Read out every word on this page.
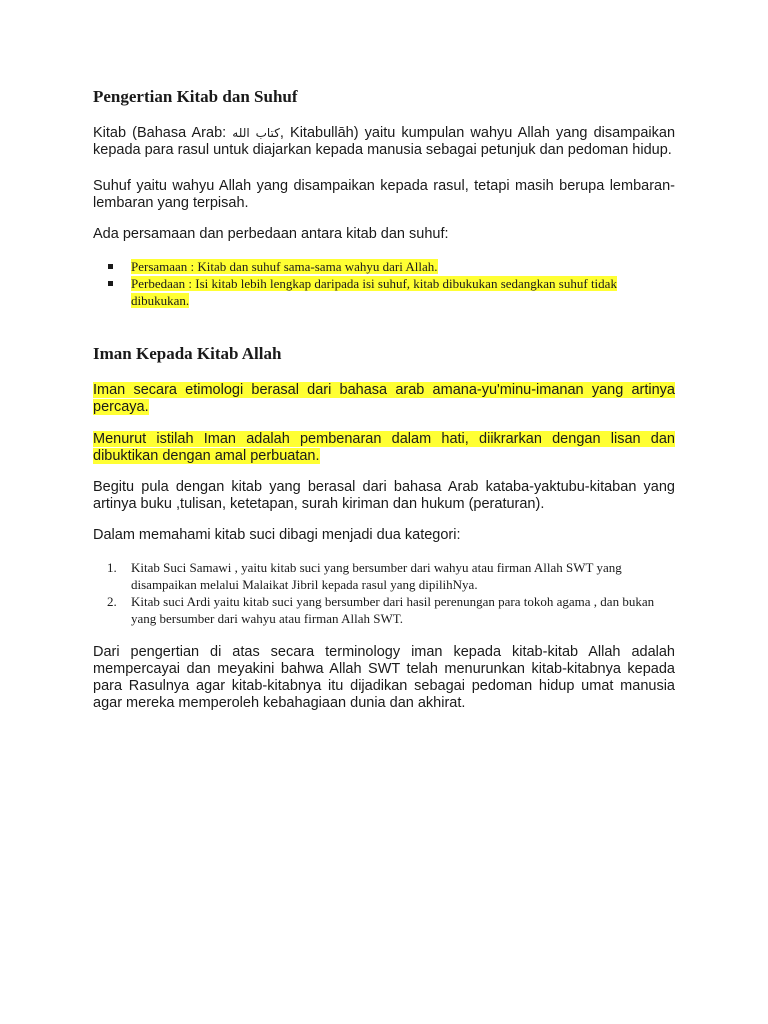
Pengertian Kitab dan Suhuf

Kitab (Bahasa Arab: كتاب الله, Kitabullāh) yaitu kumpulan wahyu Allah yang disampaikan kepada para rasul untuk diajarkan kepada manusia sebagai petunjuk dan pedoman hidup.

Suhuf yaitu wahyu Allah yang disampaikan kepada rasul, tetapi masih berupa lembaran-lembaran yang terpisah.

Ada persamaan dan perbedaan antara kitab dan suhuf:

Persamaan : Kitab dan suhuf sama-sama wahyu dari Allah.
Perbedaan : Isi kitab lebih lengkap daripada isi suhuf, kitab dibukukan sedangkan suhuf tidak dibukukan.
Iman Kepada Kitab Allah

Iman secara etimologi berasal dari bahasa arab amana-yu'minu-imanan yang artinya percaya.

Menurut istilah Iman adalah pembenaran dalam hati, diikrarkan dengan lisan dan dibuktikan dengan amal perbuatan.

Begitu pula dengan kitab yang berasal dari bahasa Arab kataba-yaktubu-kitaban yang artinya buku ,tulisan, ketetapan, surah kiriman dan hukum (peraturan).

Dalam memahami kitab suci dibagi menjadi dua kategori:

1. Kitab Suci Samawi , yaitu kitab suci yang bersumber dari wahyu atau firman Allah SWT yang disampaikan melalui Malaikat Jibril kepada rasul yang dipilihNya.
2. Kitab suci Ardi yaitu kitab suci yang bersumber dari hasil perenungan para tokoh agama , dan bukan yang bersumber dari wahyu atau firman Allah SWT.

Dari pengertian di atas secara terminology iman kepada kitab-kitab Allah adalah mempercayai dan meyakini bahwa Allah SWT telah menurunkan kitab-kitabnya kepada para Rasulnya agar kitab-kitabnya itu dijadikan sebagai pedoman hidup umat manusia agar mereka memperoleh kebahagiaan dunia dan akhirat.
